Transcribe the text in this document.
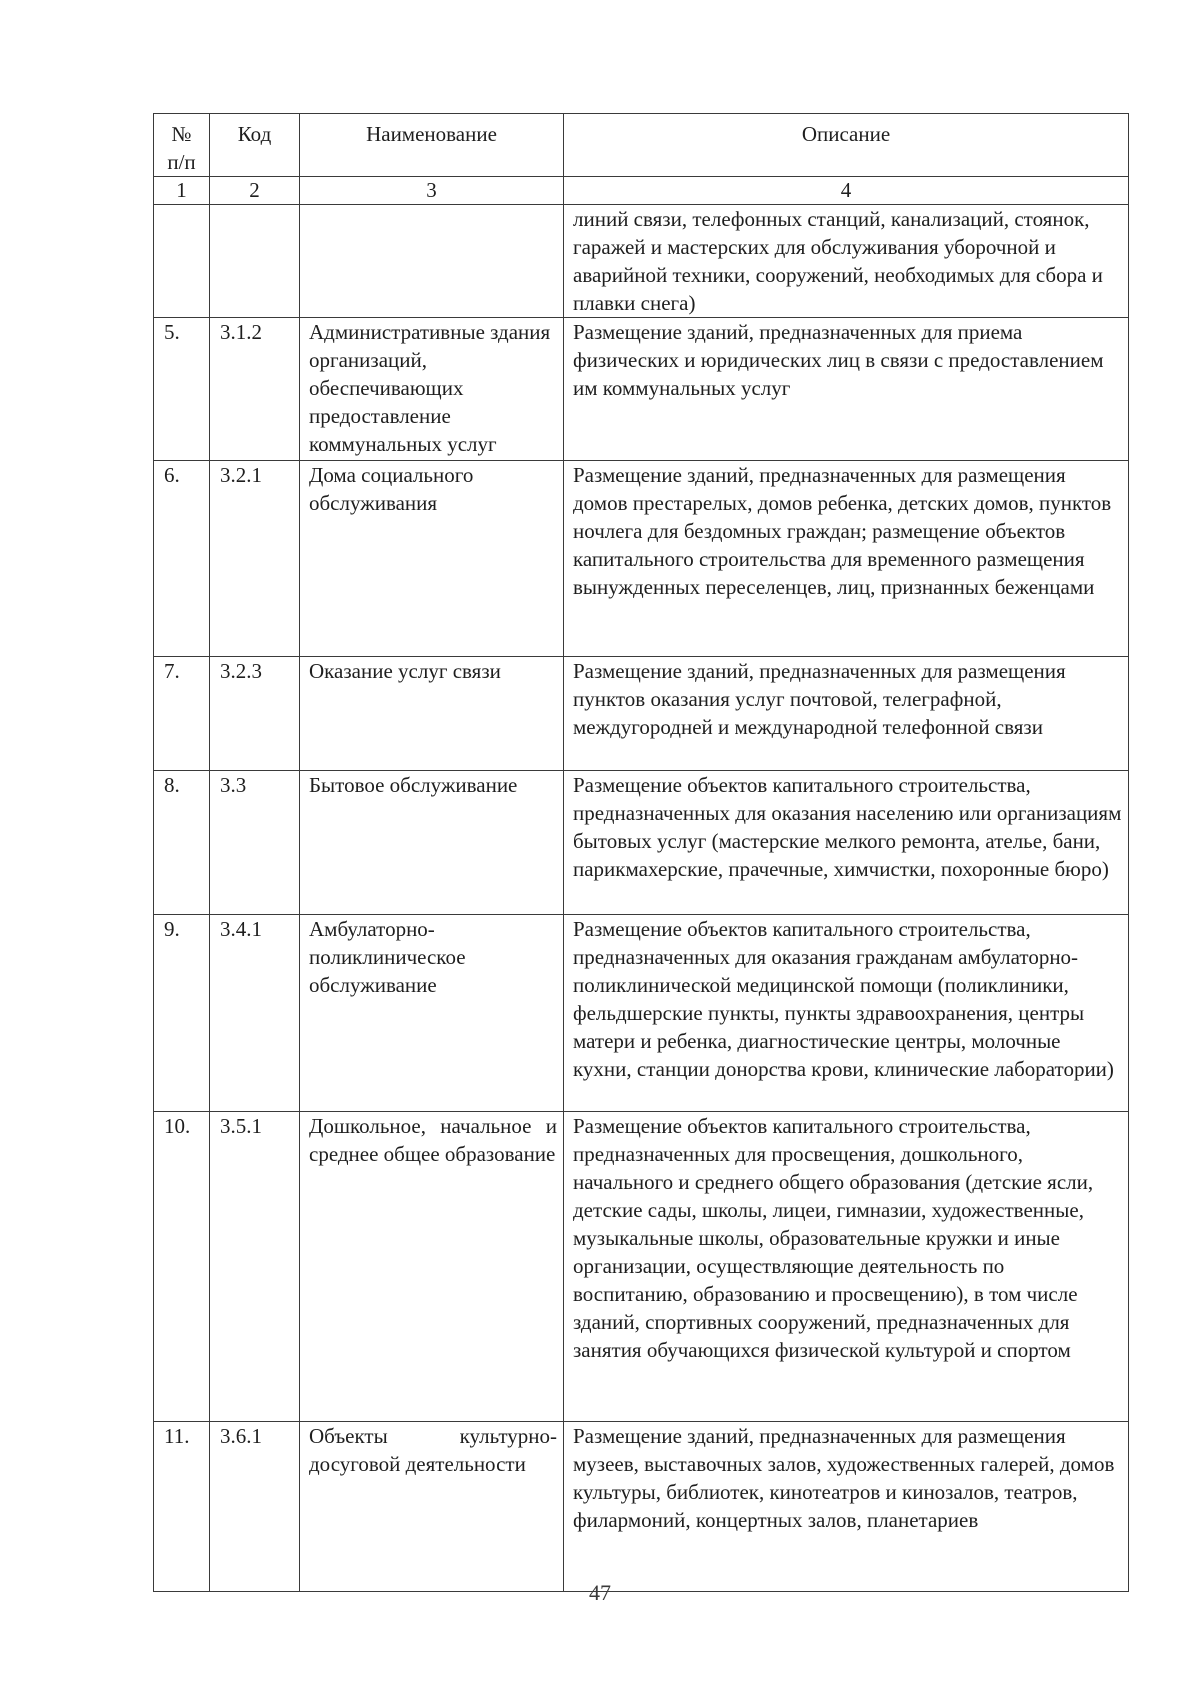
№ п/п	Код	Наименование	Описание
1	2	3	4
			линий связи, телефонных станций, канализаций, стоянок, гаражей и мастерских для обслуживания уборочной и аварийной техники, сооружений, необходимых для сбора и плавки снега)
5.	3.1.2	Административные здания организаций, обеспечивающих предоставление коммунальных услуг	Размещение зданий, предназначенных для приема физических и юридических лиц в связи с предоставлением им коммунальных услуг
6.	3.2.1	Дома социального обслуживания	Размещение зданий, предназначенных для размещения домов престарелых, домов ребенка, детских домов, пунктов ночлега для бездомных граждан; размещение объектов капитального строительства для временного размещения вынужденных переселенцев, лиц, признанных беженцами
7.	3.2.3	Оказание услуг связи	Размещение зданий, предназначенных для размещения пунктов оказания услуг почтовой, телеграфной, междугородней и международной телефонной связи
8.	3.3	Бытовое обслуживание	Размещение объектов капитального строительства, предназначенных для оказания населению или организациям бытовых услуг (мастерские мелкого ремонта, ателье, бани, парикмахерские, прачечные, химчистки, похоронные бюро)
9.	3.4.1	Амбулаторно-поликлиническое обслуживание	Размещение объектов капитального строительства, предназначенных для оказания гражданам амбулаторно-поликлинической медицинской помощи (поликлиники, фельдшерские пункты, пункты здравоохранения, центры матери и ребенка, диагностические центры, молочные кухни, станции донорства крови, клинические лаборатории)
10.	3.5.1	Дошкольное, начальное и среднее общее образование	Размещение объектов капитального строительства, предназначенных для просвещения, дошкольного, начального и среднего общего образования (детские ясли, детские сады, школы, лицеи, гимназии, художественные, музыкальные школы, образовательные кружки и иные организации, осуществляющие деятельность по воспитанию, образованию и просвещению), в том числе зданий, спортивных сооружений, предназначенных для занятия обучающихся физической культурой и спортом
11.	3.6.1	Объекты культурно-досуговой деятельности	Размещение зданий, предназначенных для размещения музеев, выставочных залов, художественных галерей, домов культуры, библиотек, кинотеатров и кинозалов, театров, филармоний, концертных залов, планетариев
47
